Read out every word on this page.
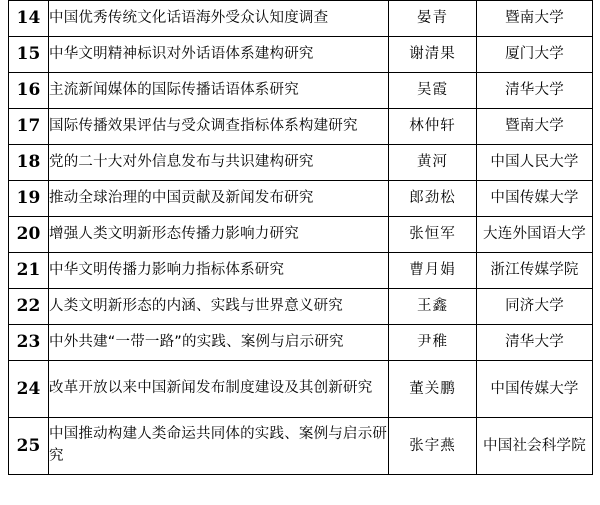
14	中国优秀传统文化话语海外受众认知度调查	晏青	暨南大学
15	中华文明精神标识对外话语体系建构研究	谢清果	厦门大学
16	主流新闻媒体的国际传播话语体系研究	吴霞	清华大学
17	国际传播效果评估与受众调查指标体系构建研究	林仲轩	暨南大学
18	党的二十大对外信息发布与共识建构研究	黄河	中国人民大学
19	推动全球治理的中国贡献及新闻发布研究	郎劲松	中国传媒大学
20	增强人类文明新形态传播力影响力研究	张恒军	大连外国语大学
21	中华文明传播力影响力指标体系研究	曹月娟	浙江传媒学院
22	人类文明新形态的内涵、实践与世界意义研究	王鑫	同济大学
23	中外共建“一带一路”的实践、案例与启示研究	尹稚	清华大学
24	改革开放以来中国新闻发布制度建设及其创新研究	董关鹏	中国传媒大学
25	中国推动构建人类命运共同体的实践、案例与启示研究	张宇燕	中国社会科学院
